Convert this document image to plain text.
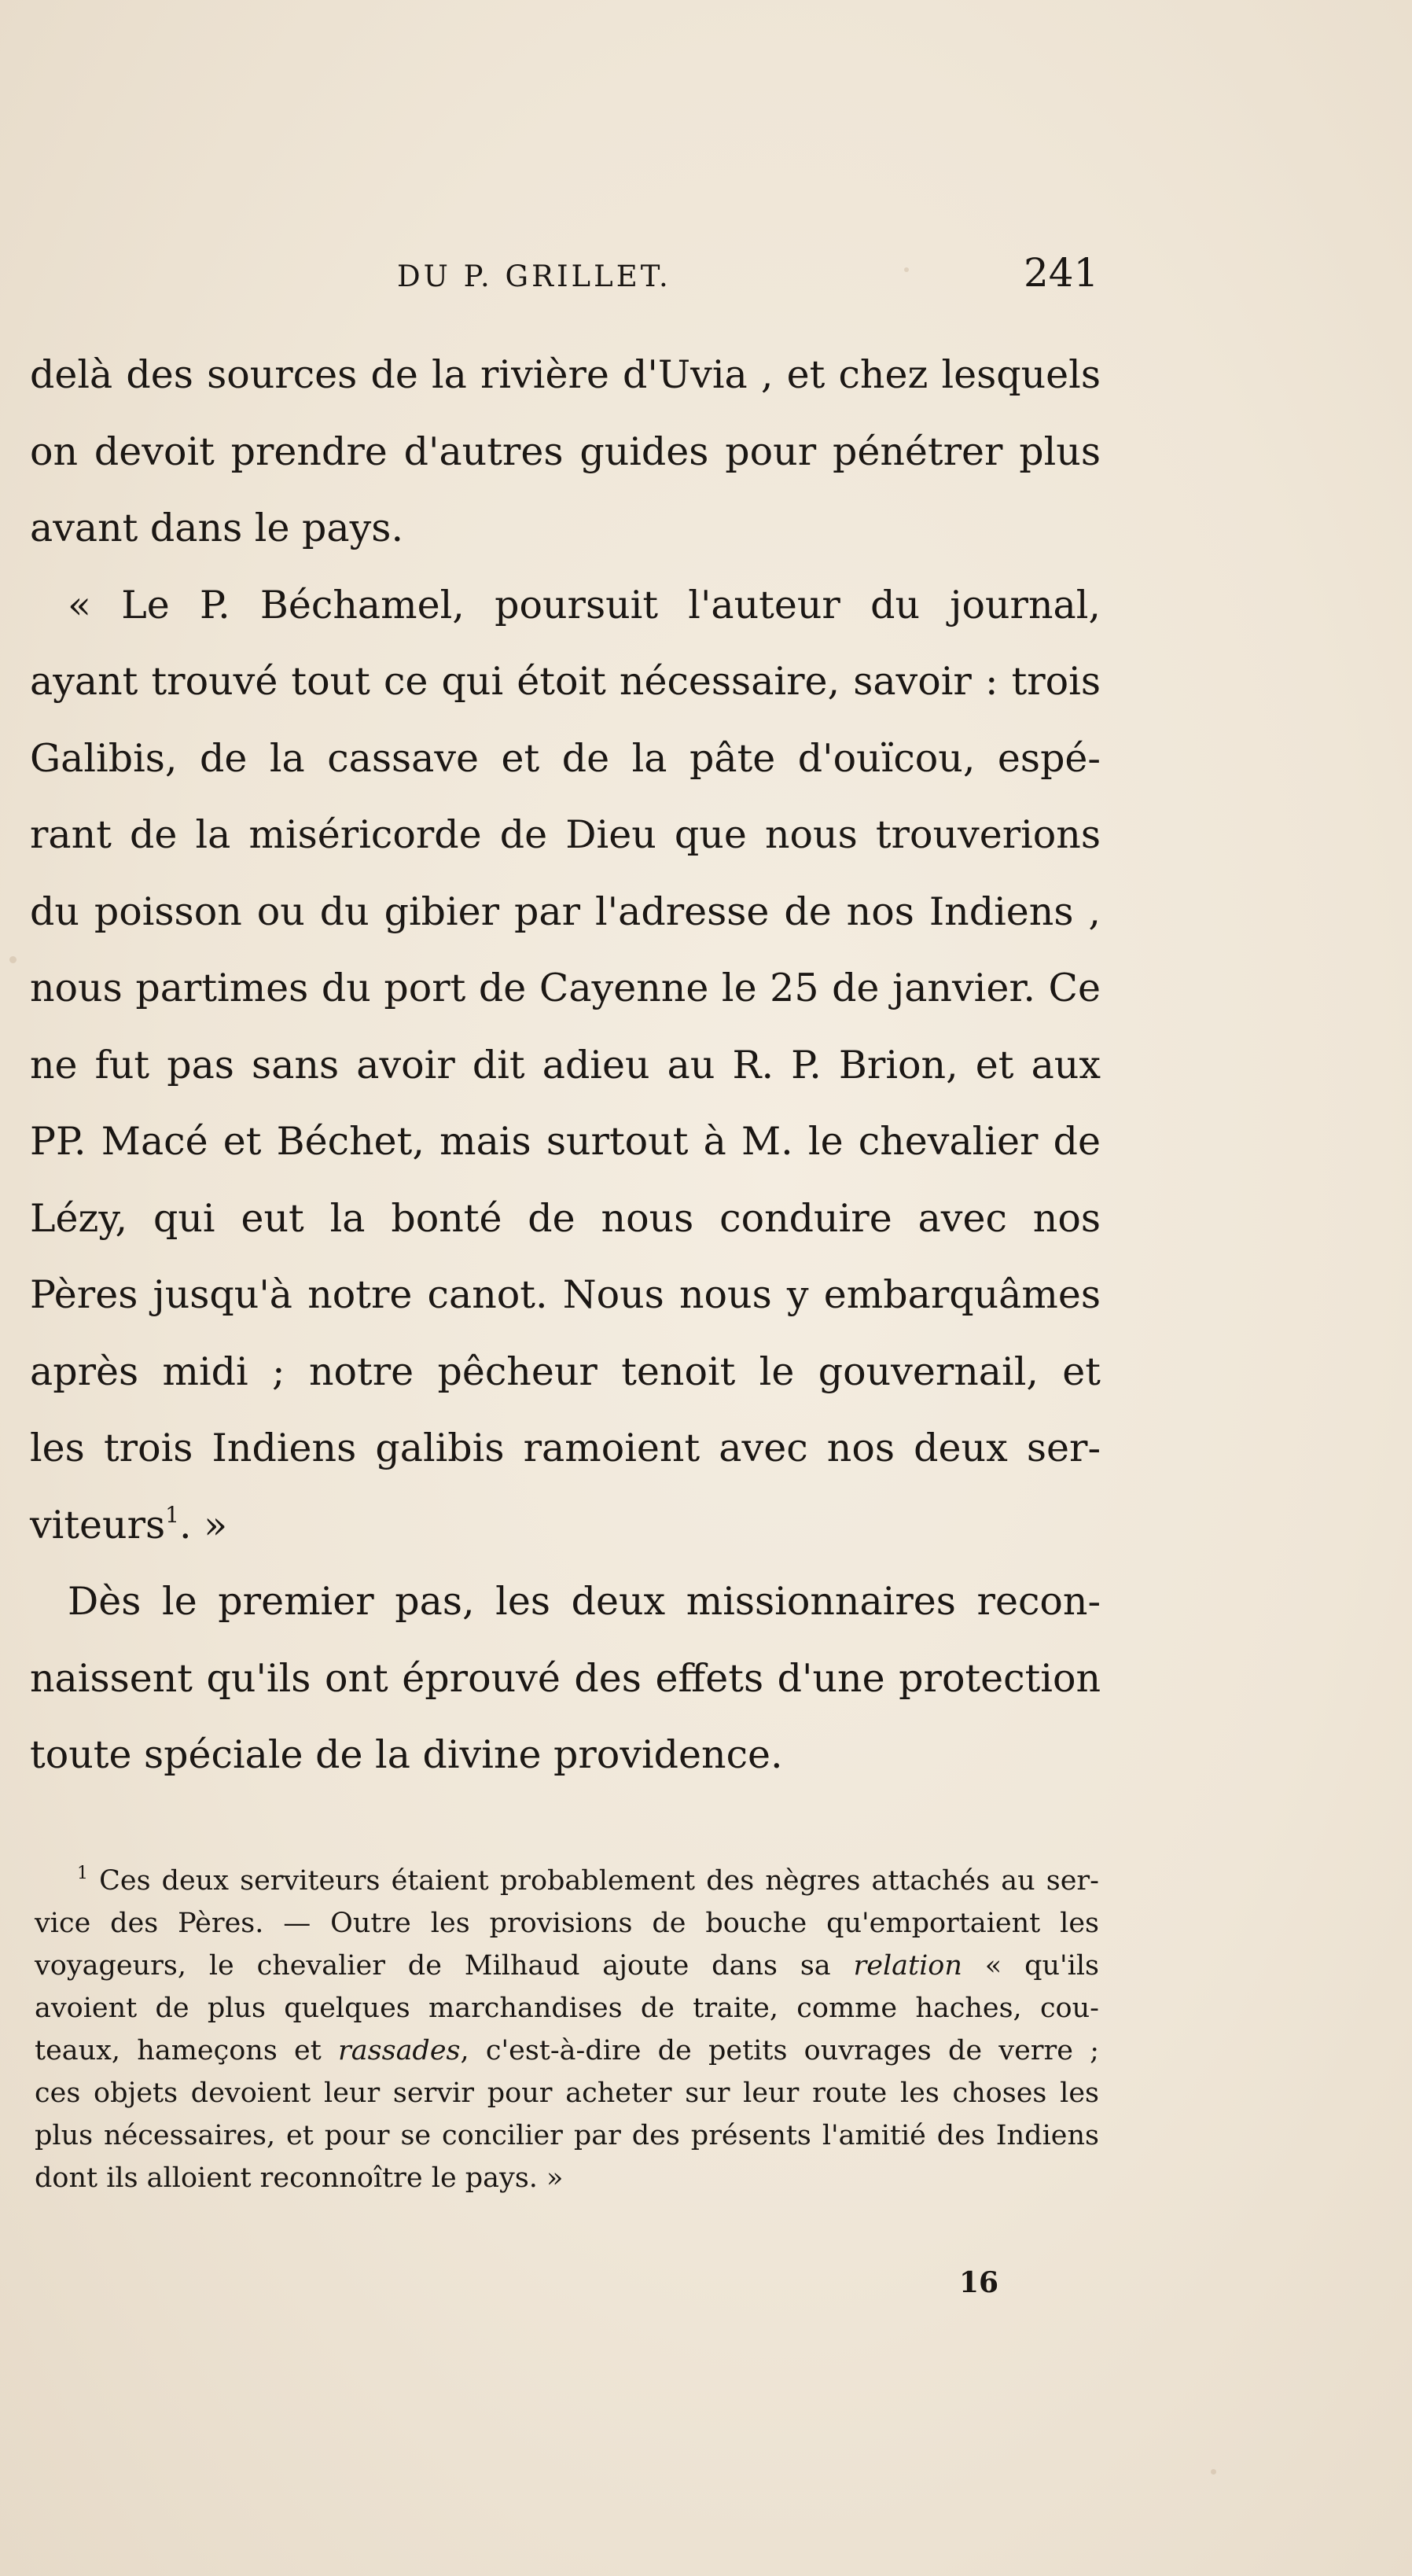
DU P. GRILLET.	241
delà des sources de la rivière d'Uvia , et chez lesquels
on devoit prendre d'autres guides pour pénétrer plus
avant dans le pays.
« Le P. Béchamel, poursuit l'auteur du journal,
ayant trouvé tout ce qui étoit nécessaire, savoir : trois
Galibis, de la cassave et de la pâte d'ouïcou, espé-
rant de la miséricorde de Dieu que nous trouverions
du poisson ou du gibier par l'adresse de nos Indiens ,
nous partimes du port de Cayenne le 25 de janvier. Ce
ne fut pas sans avoir dit adieu au R. P. Brion, et aux
PP. Macé et Béchet, mais surtout à M. le chevalier de
Lézy, qui eut la bonté de nous conduire avec nos
Pères jusqu'à notre canot. Nous nous y embarquâmes
après midi ; notre pêcheur tenoit le gouvernail, et
les trois Indiens galibis ramoient avec nos deux ser-
viteurs$^1$. »
Dès le premier pas, les deux missionnaires recon-
naissent qu'ils ont éprouvé des effets d'une protection
toute spéciale de la divine providence.
$^1$ Ces deux serviteurs étaient probablement des nègres attachés au ser-
vice des Pères. — Outre les provisions de bouche qu'emportaient les
voyageurs, le chevalier de Milhaud ajoute dans sa relation « qu'ils
avoient de plus quelques marchandises de traite, comme haches, cou-
teaux, hameçons et rassades, c'est-à-dire de petits ouvrages de verre ;
ces objets devoient leur servir pour acheter sur leur route les choses les
plus nécessaires, et pour se concilier par des présents l'amitié des Indiens
dont ils alloient reconnoître le pays. »
16
